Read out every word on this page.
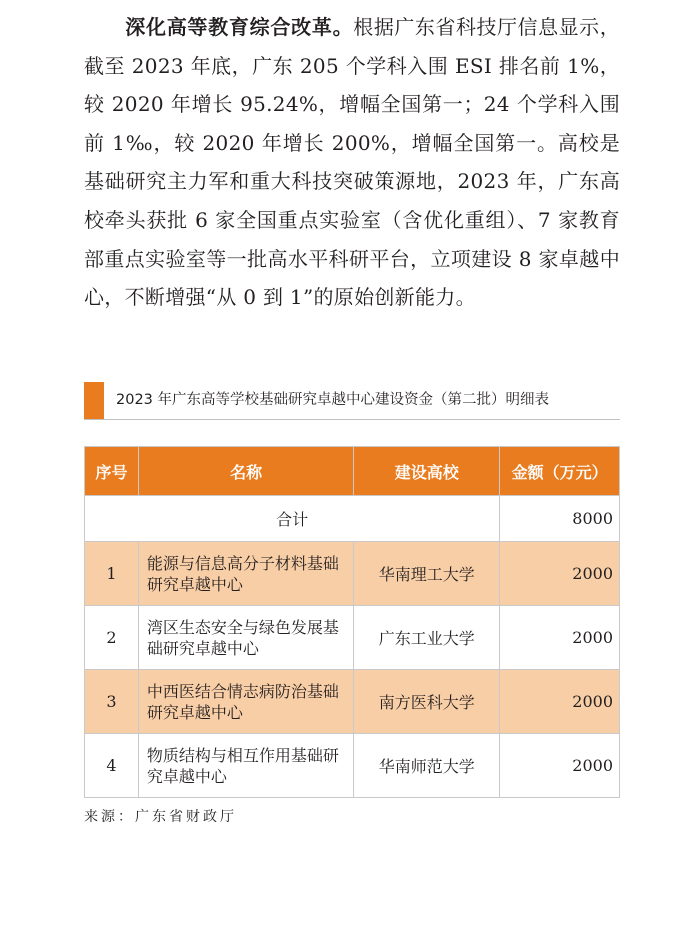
深化高等教育综合改革。根据广东省科技厅信息显示，截至 2023 年底，广东 205 个学科入围 ESI 排名前 1%，较 2020 年增长 95.24%，增幅全国第一；24 个学科入围前 1‰，较 2020 年增长 200%，增幅全国第一。高校是基础研究主力军和重大科技突破策源地，2023 年，广东高校牵头获批 6 家全国重点实验室（含优化重组）、7 家教育部重点实验室等一批高水平科研平台，立项建设 8 家卓越中心，不断增强“从 0 到 1”的原始创新能力。
2023 年广东高等学校基础研究卓越中心建设资金（第二批）明细表
序号	名称	建设高校	金额（万元）
合计			8000
1	能源与信息高分子材料基础研究卓越中心	华南理工大学	2000
2	湾区生态安全与绿色发展基础研究卓越中心	广东工业大学	2000
3	中西医结合情志病防治基础研究卓越中心	南方医科大学	2000
4	物质结构与相互作用基础研究卓越中心	华南师范大学	2000
来源：广东省财政厅
